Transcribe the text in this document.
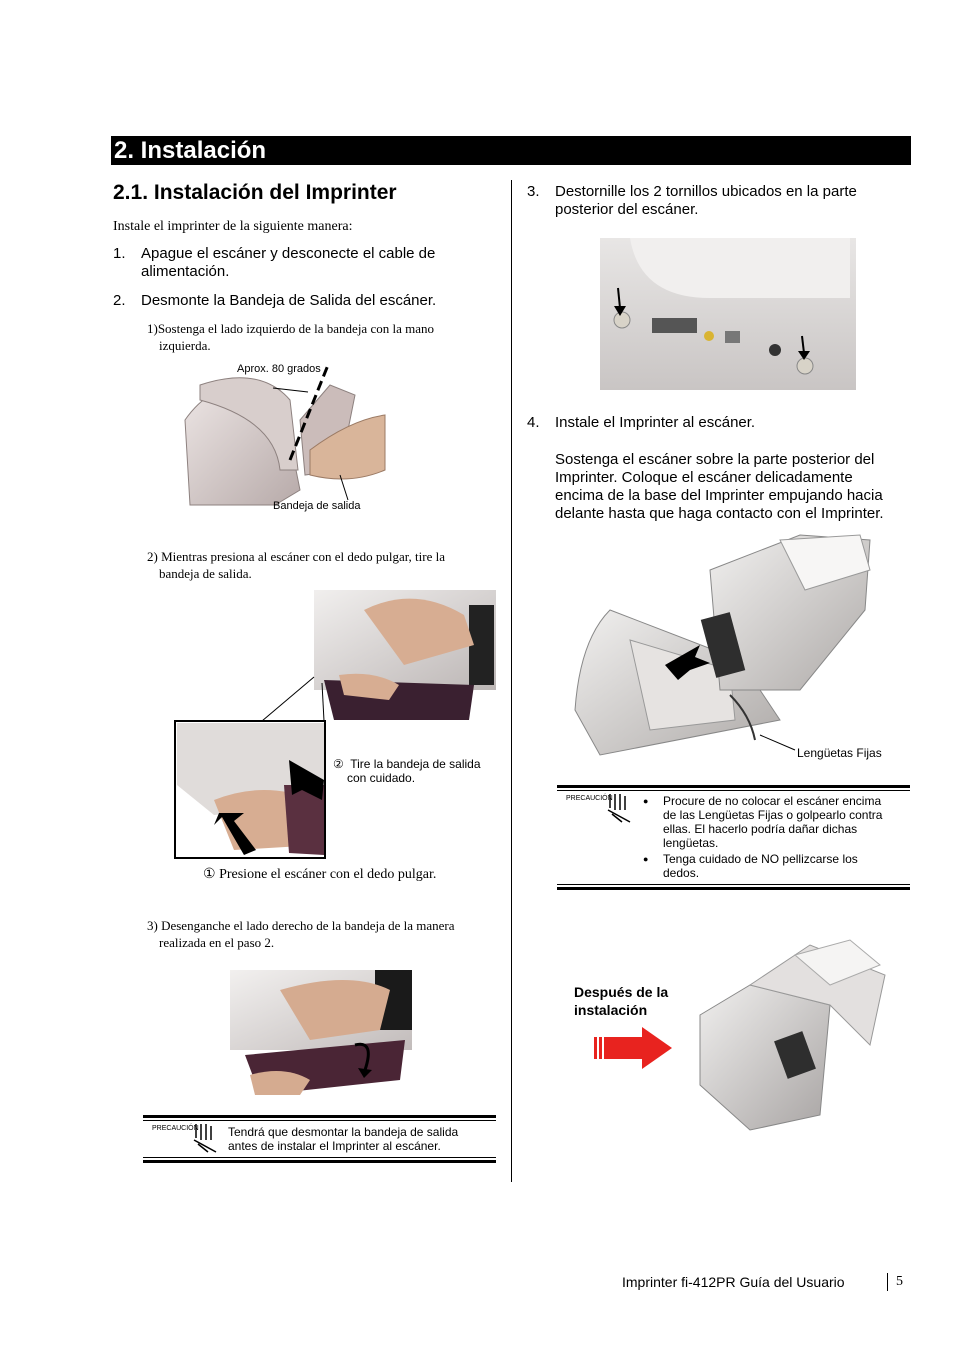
2. Instalación
2.1. Instalación del Imprinter
Instale el imprinter de la siguiente manera:
1. Apague el escáner y desconecte el cable de
alimentación.
2. Desmonte la Bandeja de Salida del escáner.
1)Sostenga el lado izquierdo de la bandeja con la mano
izquierda.
Aprox. 80 grados
Bandeja de salida
2) Mientras presiona al escáner con el dedo pulgar, tire la
bandeja de salida.
② Tire la bandeja de salida
con cuidado.
① Presione el escáner con el dedo pulgar.
3) Desenganche el lado derecho de la bandeja de la manera
realizada en el paso 2.
PRECAUCIÓN Tendrá que desmontar la bandeja de salida
antes de instalar el Imprinter al escáner.
3. Destornille los 2 tornillos ubicados en la parte
posterior del escáner.
4. Instale el Imprinter al escáner.
Sostenga el escáner sobre la parte posterior del
Imprinter. Coloque el escáner delicadamente
encima de la base del Imprinter empujando hacia
delante hasta que haga contacto con el Imprinter.
Lengüetas Fijas
PRECAUCIÓN
●	Procure de no colocar el escáner encima
de las Lengüetas Fijas o golpearlo contra
ellas. El hacerlo podría dañar dichas
lengüetas.
● Tenga cuidado de NO pellizcarse los
dedos.
Después de la
instalación
Imprinter fi-412PR Guía del Usuario	5
